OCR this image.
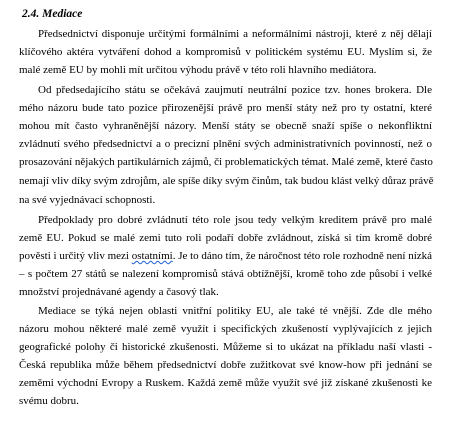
2.4. Mediace
Předsednictví disponuje určitými formálními a neformálními nástroji, které z něj dělají
klíčového aktéra vytváření dohod a kompromisů v politickém systému EU. Myslím si, že
malé země EU by mohli mít určitou výhodu právě v této roli hlavního mediátora.
Od předsedajícího státu se očekává zaujmutí neutrální pozice tzv. hones brokera. Dle
mého názoru bude tato pozice přirozenější právě pro menší státy než pro ty ostatní, které
mohou mít často vyhraněnější názory. Menší státy se obecně snaží spíše o nekonfliktní
zvládnutí svého předsednictví a o precizní plnění svých administrativních povinností, než o
prosazování nějakých partikulárních zájmů, či problematických témat. Malé země, které často
nemají vliv díky svým zdrojům, ale spíše díky svým činům, tak budou klást velký důraz právě
na své vyjednávací schopnosti.
Předpoklady pro dobré zvládnutí této role jsou tedy velkým kreditem právě pro malé
země EU. Pokud se malé zemi tuto roli podaří dobře zvládnout, získá si tím kromě dobré
pověsti i určitý vliv mezi ostatními. Je to dáno tím, že náročnost této role rozhodně není nízká
– s počtem 27 států se nalezení kompromisů stává obtížnější, kromě toho zde působí i velké
množství projednávané agendy a časový tlak.
Mediace se týká nejen oblasti vnitřní politiky EU, ale také té vnější. Zde dle mého
názoru mohou některé malé země využít i specifických zkušeností vyplývajících z jejich
geografické polohy či historické zkušenosti. Můžeme si to ukázat na příkladu naší vlasti -
Česká republika může během předsednictví dobře zužitkovat své know-how při jednání se
zeměmi východní Evropy a Ruskem. Každá země může využít své již získané zkušenosti ke
svému dobru.
